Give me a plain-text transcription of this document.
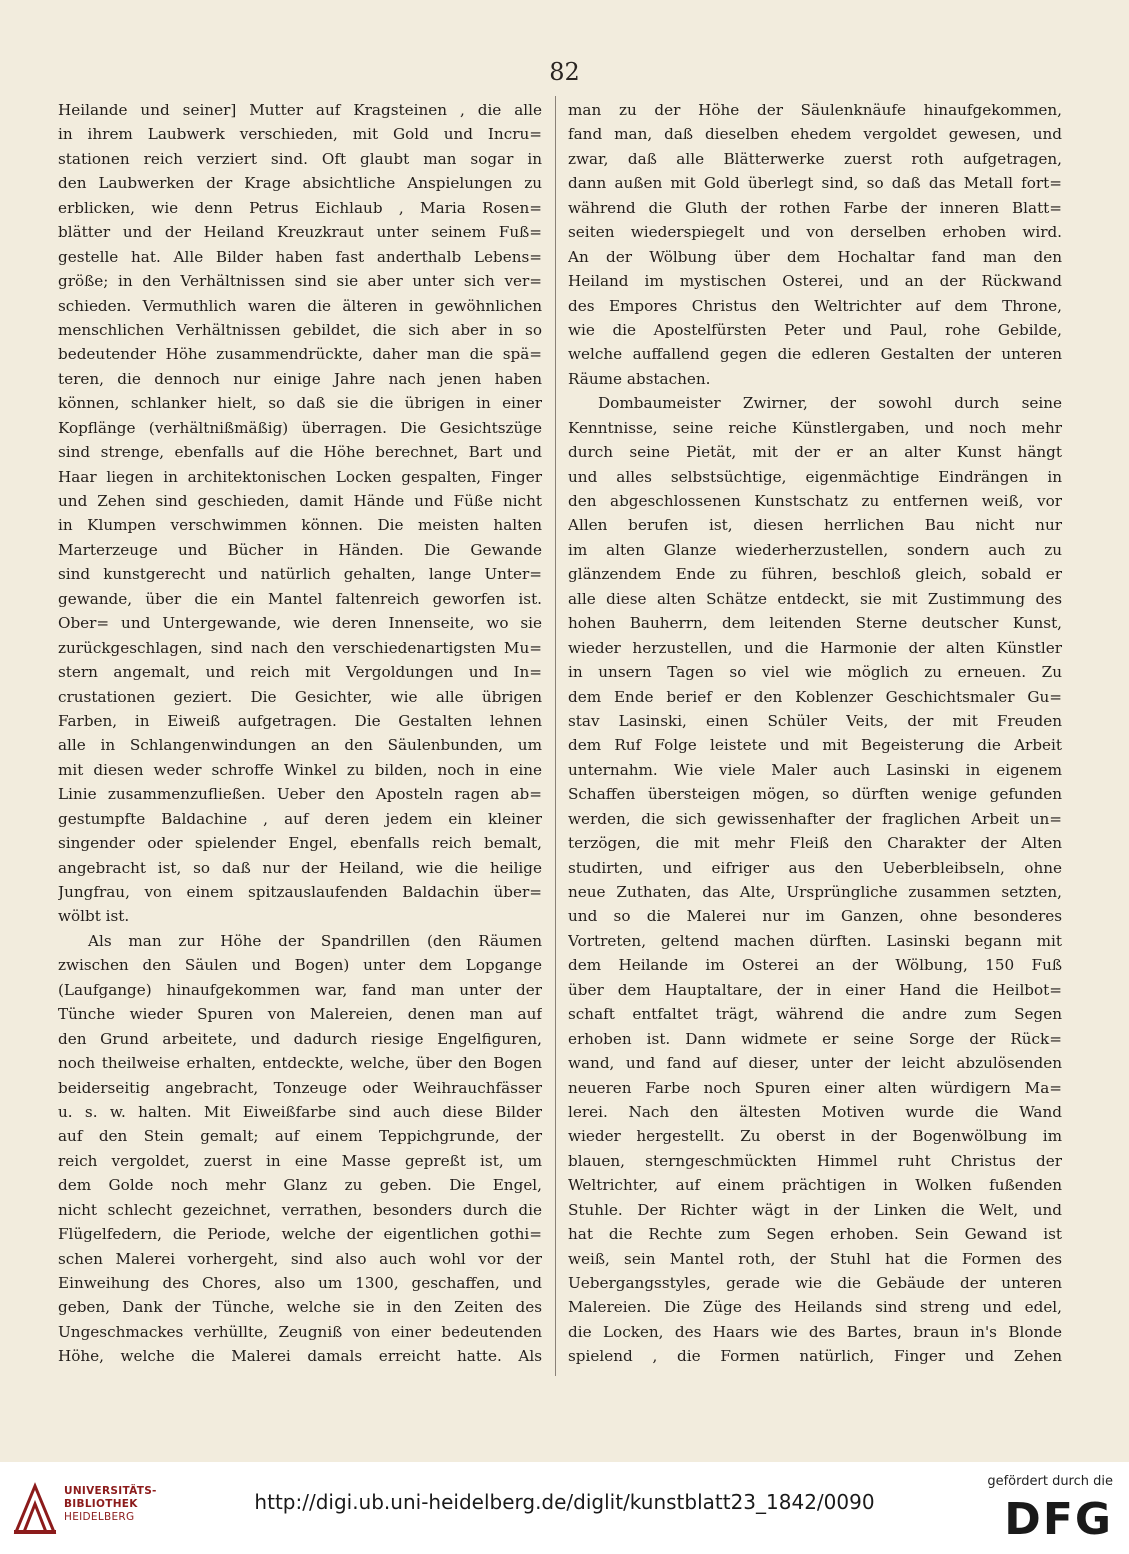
82
Heilande und seiner] Mutter auf Kragsteinen , die alle
in ihrem Laubwerk verschieden, mit Gold und Incru=
stationen reich verziert sind. Oft glaubt man sogar in
den Laubwerken der Krage absichtliche Anspielungen zu
erblicken, wie denn Petrus Eichlaub , Maria Rosen=
blätter und der Heiland Kreuzkraut unter seinem Fuß=
gestelle hat. Alle Bilder haben fast anderthalb Lebens=
größe; in den Verhältnissen sind sie aber unter sich ver=
schieden. Vermuthlich waren die älteren in gewöhnlichen
menschlichen Verhältnissen gebildet, die sich aber in so
bedeutender Höhe zusammendrückte, daher man die spä=
teren, die dennoch nur einige Jahre nach jenen haben
können, schlanker hielt, so daß sie die übrigen in einer
Kopflänge (verhältnißmäßig) überragen. Die Gesichtszüge
sind strenge, ebenfalls auf die Höhe berechnet, Bart und
Haar liegen in architektonischen Locken gespalten, Finger
und Zehen sind geschieden, damit Hände und Füße nicht
in Klumpen verschwimmen können. Die meisten halten
Marterzeuge und Bücher in Händen. Die Gewande
sind kunstgerecht und natürlich gehalten, lange Unter=
gewande, über die ein Mantel faltenreich geworfen ist.
Ober= und Untergewande, wie deren Innenseite, wo sie
zurückgeschlagen, sind nach den verschiedenartigsten Mu=
stern angemalt, und reich mit Vergoldungen und In=
crustationen geziert. Die Gesichter, wie alle übrigen
Farben, in Eiweiß aufgetragen. Die Gestalten lehnen
alle in Schlangenwindungen an den Säulenbunden, um
mit diesen weder schroffe Winkel zu bilden, noch in eine
Linie zusammenzufließen. Ueber den Aposteln ragen ab=
gestumpfte Baldachine , auf deren jedem ein kleiner
singender oder spielender Engel, ebenfalls reich bemalt,
angebracht ist, so daß nur der Heiland, wie die heilige
Jungfrau, von einem spitzauslaufenden Baldachin über=
wölbt ist.
Als man zur Höhe der Spandrillen (den Räumen
zwischen den Säulen und Bogen) unter dem Lopgange
(Laufgange) hinaufgekommen war, fand man unter der
Tünche wieder Spuren von Malereien, denen man auf
den Grund arbeitete, und dadurch riesige Engelfiguren,
noch theilweise erhalten, entdeckte, welche, über den Bogen
beiderseitig angebracht, Tonzeuge oder Weihrauchfässer
u. s. w. halten. Mit Eiweißfarbe sind auch diese Bilder
auf den Stein gemalt; auf einem Teppichgrunde, der
reich vergoldet, zuerst in eine Masse gepreßt ist, um
dem Golde noch mehr Glanz zu geben. Die Engel,
nicht schlecht gezeichnet, verrathen, besonders durch die
Flügelfedern, die Periode, welche der eigentlichen gothi=
schen Malerei vorhergeht, sind also auch wohl vor der
Einweihung des Chores, also um 1300, geschaffen, und
geben, Dank der Tünche, welche sie in den Zeiten des
Ungeschmackes verhüllte, Zeugniß von einer bedeutenden
Höhe, welche die Malerei damals erreicht hatte. Als
man zu der Höhe der Säulenknäufe hinaufgekommen,
fand man, daß dieselben ehedem vergoldet gewesen, und
zwar, daß alle Blätterwerke zuerst roth aufgetragen,
dann außen mit Gold überlegt sind, so daß das Metall fort=
während die Gluth der rothen Farbe der inneren Blatt=
seiten wiederspiegelt und von derselben erhoben wird.
An der Wölbung über dem Hochaltar fand man den
Heiland im mystischen Osterei, und an der Rückwand
des Empores Christus den Weltrichter auf dem Throne,
wie die Apostelfürsten Peter und Paul, rohe Gebilde,
welche auffallend gegen die edleren Gestalten der unteren
Räume abstachen.
Dombaumeister Zwirner, der sowohl durch seine
Kenntnisse, seine reiche Künstlergaben, und noch mehr
durch seine Pietät, mit der er an alter Kunst hängt
und alles selbstsüchtige, eigenmächtige Eindrängen in
den abgeschlossenen Kunstschatz zu entfernen weiß, vor
Allen berufen ist, diesen herrlichen Bau nicht nur
im alten Glanze wiederherzustellen, sondern auch zu
glänzendem Ende zu führen, beschloß gleich, sobald er
alle diese alten Schätze entdeckt, sie mit Zustimmung des
hohen Bauherrn, dem leitenden Sterne deutscher Kunst,
wieder herzustellen, und die Harmonie der alten Künstler
in unsern Tagen so viel wie möglich zu erneuen. Zu
dem Ende berief er den Koblenzer Geschichtsmaler Gu=
stav Lasinski, einen Schüler Veits, der mit Freuden
dem Ruf Folge leistete und mit Begeisterung die Arbeit
unternahm. Wie viele Maler auch Lasinski in eigenem
Schaffen übersteigen mögen, so dürften wenige gefunden
werden, die sich gewissenhafter der fraglichen Arbeit un=
terzögen, die mit mehr Fleiß den Charakter der Alten
studirten, und eifriger aus den Ueberbleibseln, ohne
neue Zuthaten, das Alte, Ursprüngliche zusammen setzten,
und so die Malerei nur im Ganzen, ohne besonderes
Vortreten, geltend machen dürften. Lasinski begann mit
dem Heilande im Osterei an der Wölbung, 150 Fuß
über dem Hauptaltare, der in einer Hand die Heilbot=
schaft entfaltet trägt, während die andre zum Segen
erhoben ist. Dann widmete er seine Sorge der Rück=
wand, und fand auf dieser, unter der leicht abzulösenden
neueren Farbe noch Spuren einer alten würdigern Ma=
lerei. Nach den ältesten Motiven wurde die Wand
wieder hergestellt. Zu oberst in der Bogenwölbung im
blauen, sterngeschmückten Himmel ruht Christus der
Weltrichter, auf einem prächtigen in Wolken fußenden
Stuhle. Der Richter wägt in der Linken die Welt, und
hat die Rechte zum Segen erhoben. Sein Gewand ist
weiß, sein Mantel roth, der Stuhl hat die Formen des
Uebergangsstyles, gerade wie die Gebäude der unteren
Malereien. Die Züge des Heilands sind streng und edel,
die Locken, des Haars wie des Bartes, braun in's Blonde
spielend , die Formen natürlich, Finger und Zehen
UNIVERSITÄTS-
BIBLIOTHEK
HEIDELBERG
http://digi.ub.uni-heidelberg.de/diglit/kunstblatt23_1842/0090
gefördert durch die
DFG
